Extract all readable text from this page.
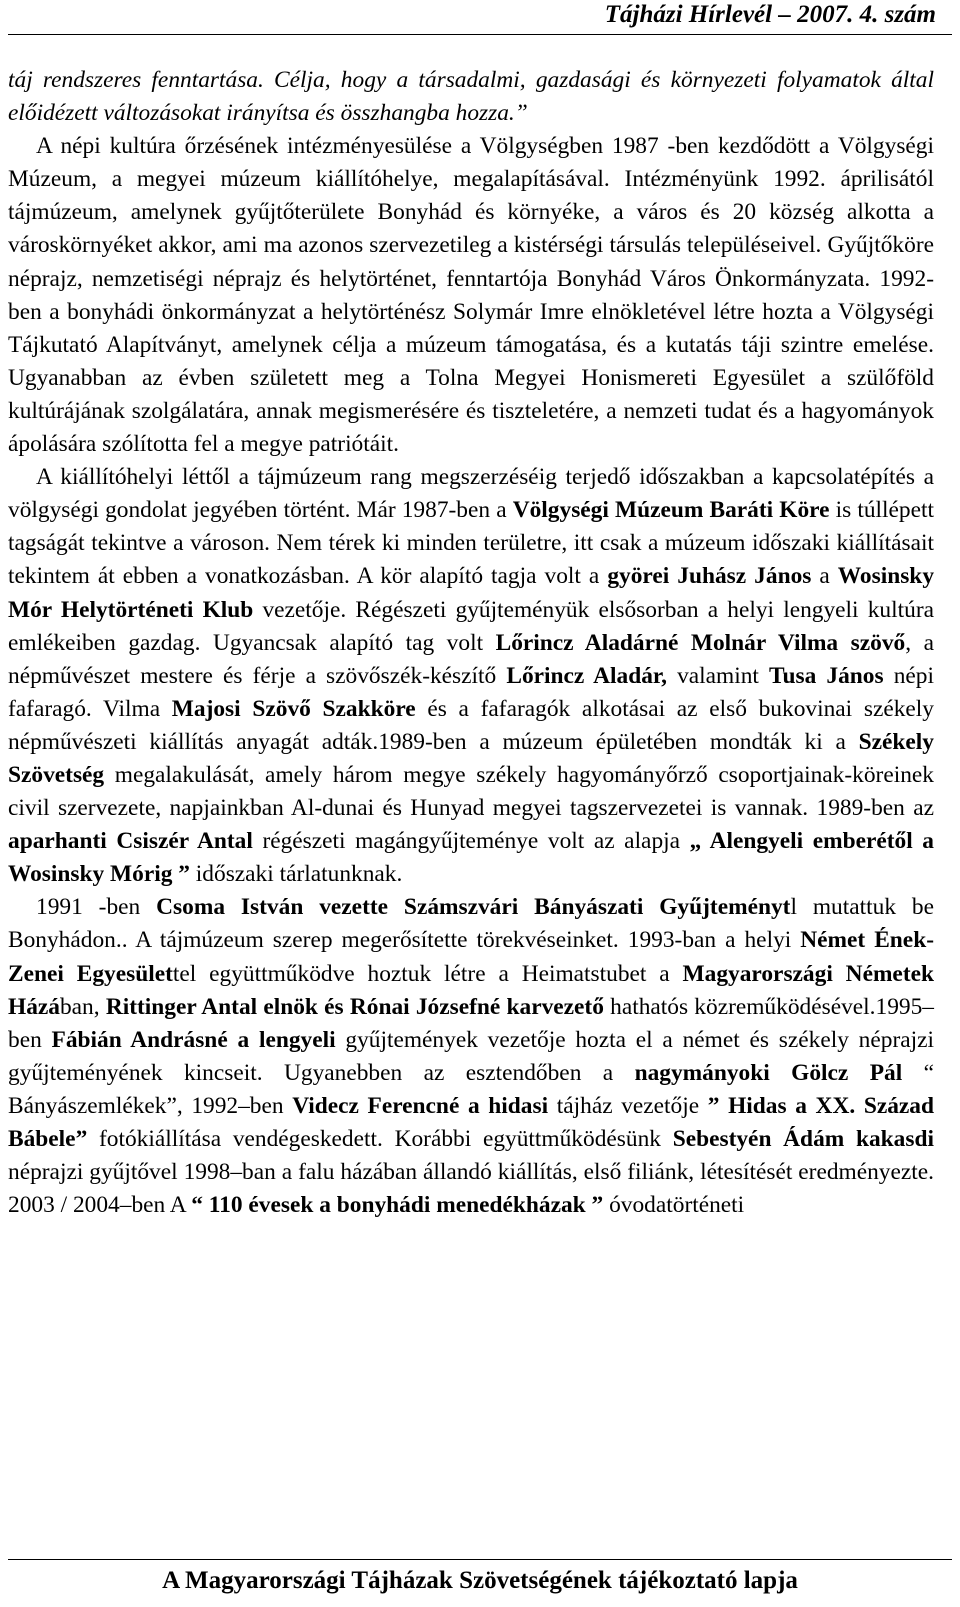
Tájházi Hírlevél – 2007. 4. szám

táj rendszeres fenntartása. Célja, hogy a társadalmi, gazdasági és környezeti folyamatok által előidézett változásokat irányítsa és összhangba hozza.”

A népi kultúra őrzésének intézményesülése a Völgységben 1987 -ben kezdődött a Völgységi Múzeum, a megyei múzeum kiállítóhelye, megalapításával. Intézményünk 1992. áprilisától tájmúzeum, amelynek gyűjtőterülete Bonyhád és környéke, a város és 20 község alkotta a városkörnyéket akkor, ami ma azonos szervezetileg a kistérségi társulás településeivel. Gyűjtőköre néprajz, nemzetiségi néprajz és helytörténet, fenntartója Bonyhád Város Önkormányzata. 1992-ben a bonyhádi önkormányzat a helytörténész Solymár Imre elnökletével létre hozta a Völgységi Tájkutató Alapítványt, amelynek célja a múzeum támogatása, és a kutatás táji szintre emelése. Ugyanabban az évben született meg a Tolna Megyei Honismereti Egyesület a szülőföld kultúrájának szolgálatára, annak megismerésére és tiszteletére, a nemzeti tudat és a hagyományok ápolására szólította fel a megye patriótáit.

A kiállítóhelyi léttől a tájmúzeum rang megszerzéséig terjedő időszakban a kapcsolatépítés a völgységi gondolat jegyében történt. Már 1987-ben a Völgységi Múzeum Baráti Köre is túllépett tagságát tekintve a városon. Nem térek ki minden területre, itt csak a múzeum időszaki kiállításait tekintem át ebben a vonatkozásban. A kör alapító tagja volt a györei Juhász János a Wosinsky Mór Helytörténeti Klub vezetője. Régészeti gyűjteményük elsősorban a helyi lengyeli kultúra emlékeiben gazdag. Ugyancsak alapító tag volt Lőrincz Aladárné Molnár Vilma szövő, a népművészet mestere és férje a szövőszék-készítő Lőrincz Aladár, valamint Tusa János népi fafaragó. Vilma Majosi Szövő Szakköre és a fafaragók alkotásai az első bukovinai székely népművészeti kiállítás anyagát adták.1989-ben a múzeum épületében mondták ki a Székely Szövetség megalakulását, amely három megye székely hagyományőrző csoportjainak-köreinek civil szervezete, napjainkban Al-dunai és Hunyad megyei tagszervezetei is vannak. 1989-ben az aparhanti Csiszér Antal régészeti magángyűjteménye volt az alapja „ Alengyeli emberétől a Wosinsky Mórig ” időszaki tárlatunknak.

1991 -ben Csoma István vezette Számszvári Bányászati Gyűjteménytl mutattuk be Bonyhádon.. A tájmúzeum szerep megerősítette törekvéseinket. 1993-ban a helyi Német Ének- Zenei Egyesülettel együttműködve hoztuk létre a Heimatstubet a Magyarországi Németek Házában, Rittinger Antal elnök és Rónai Józsefné karvezető hathatós közreműködésével.1995–ben Fábián Andrásné a lengyeli gyűjtemények vezetője hozta el a német és székely néprajzi gyűjteményének kincseit. Ugyanebben az esztendőben a nagymányoki Gölcz Pál “ Bányászemlékek”, 1992–ben Videcz Ferencné a hidasi tájház vezetője ” Hidas a XX. Század Bábele” fotókiállítása vendégeskedett. Korábbi együttműködésünk Sebestyén Ádám kakasdi néprajzi gyűjtővel 1998–ban a falu házában állandó kiállítás, első filiánk, létesítését eredményezte. 2003 / 2004–ben A “ 110 évesek a bonyhádi menedékházak ” óvodatörténeti

A Magyarországi Tájházak Szövetségének tájékoztató lapja
